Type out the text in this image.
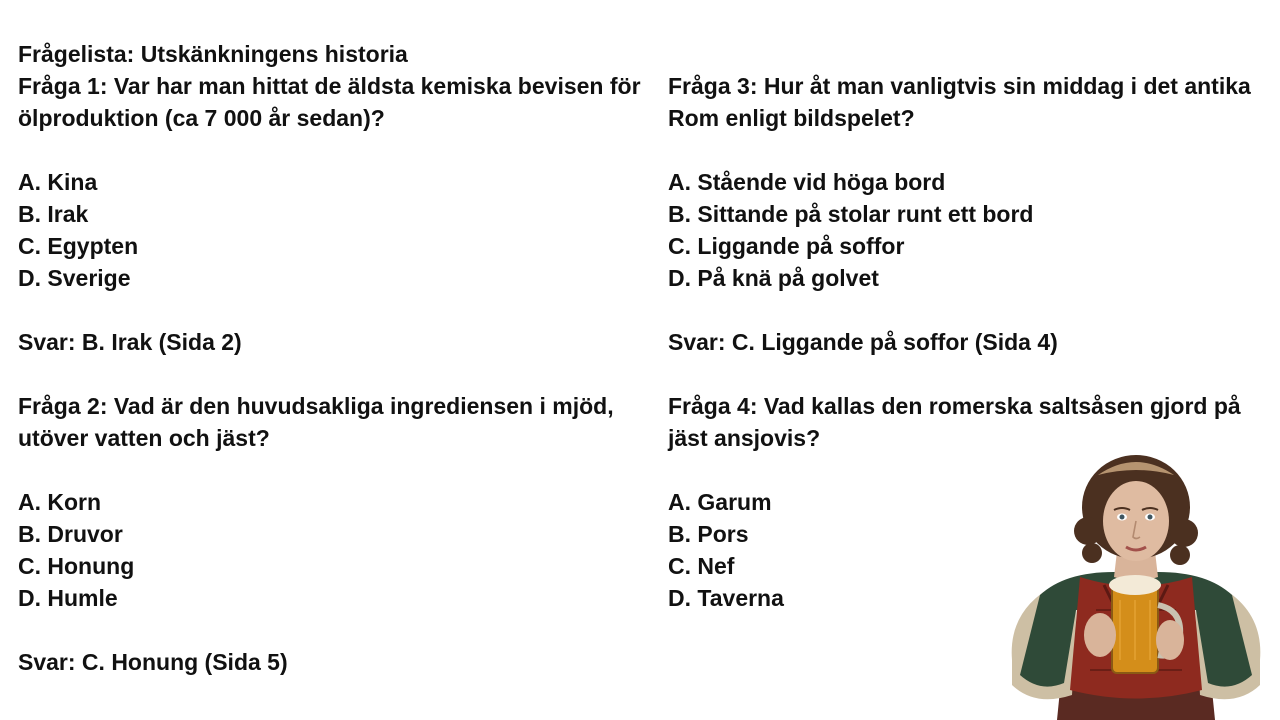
Frågelista: Utskänkningens historia
Fråga 1: Var har man hittat de äldsta kemiska bevisen för
ölproduktion (ca 7 000 år sedan)?
A. Kina
B. Irak
C. Egypten
D. Sverige
Svar: B. Irak (Sida 2)
Fråga 2: Vad är den huvudsakliga ingrediensen i mjöd,
utöver vatten och jäst?
A. Korn
B. Druvor
C. Honung
D. Humle
Svar: C. Honung (Sida 5)
Fråga 3: Hur åt man vanligtvis sin middag i det antika
Rom enligt bildspelet?
A. Stående vid höga bord
B. Sittande på stolar runt ett bord
C. Liggande på soffor
D. På knä på golvet
Svar: C. Liggande på soffor (Sida 4)
Fråga 4: Vad kallas den romerska saltsåsen gjord på
jäst ansjovis?
A. Garum
B. Pors
C. Nef
D. Taverna
